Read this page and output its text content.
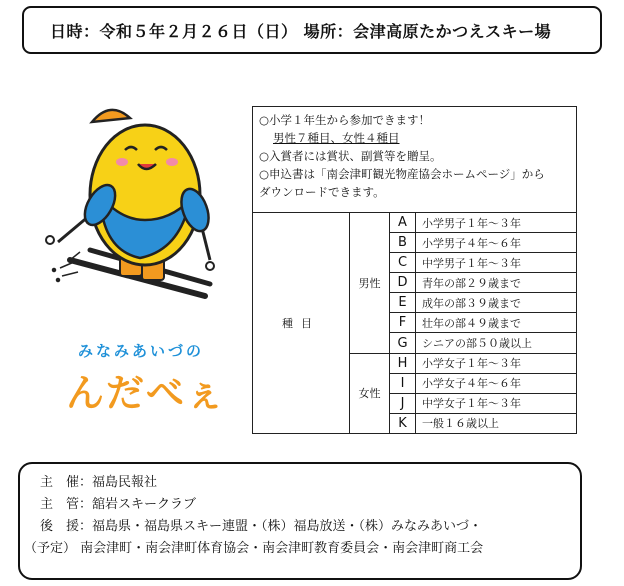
日時：令和５年２月２６日（日） 場所：会津高原たかつえスキー場
みなみあいづの
んだべぇ
○小学１年生から参加できます！
男性７種目、女性４種目
○入賞者には賞状、副賞等を贈呈。
○申込書は「南会津町観光物産協会ホームページ」から
ダウンロードできます。
種目	男性	A	小学男子１年～３年
		B	小学男子４年～６年
		C	中学男子１年～３年
		D	青年の部２９歳まで
		E	成年の部３９歳まで
		F	壮年の部４９歳まで
		G	シニアの部５０歳以上
	女性	H	小学女子１年～３年
		I	小学女子４年～６年
		J	中学女子１年～３年
		K	一般１６歳以上
主　催：福島民報社
主　管：舘岩スキークラブ
後　援：福島県・福島県スキー連盟・（株）福島放送・（株）みなみあいづ・
（予定） 南会津町・南会津町体育協会・南会津町教育委員会・南会津町商工会
